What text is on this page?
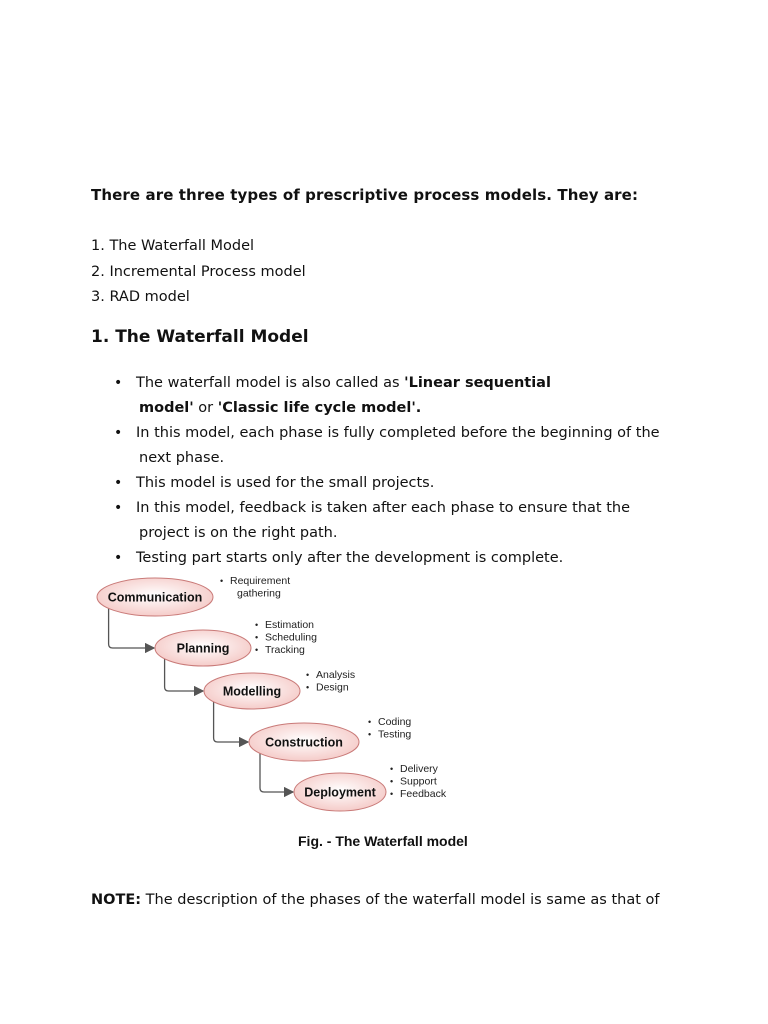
There are three types of prescriptive process models. They are:

1. The Waterfall Model
2. Incremental Process model
3. RAD model
1. The Waterfall Model
• The waterfall model is also called as 'Linear sequential
model' or 'Classic life cycle model'.
• In this model, each phase is fully completed before the beginning of the
next phase.
• This model is used for the small projects.
• In this model, feedback is taken after each phase to ensure that the
project is on the right path.
• Testing part starts only after the development is complete.
Communication
• Requirement
gathering
Planning
• Estimation
• Scheduling
• Tracking
Modelling
• Analysis
• Design
Construction
• Coding
• Testing
Deployment
• Delivery
• Support
• Feedback
Fig. - The Waterfall model

NOTE: The description of the phases of the waterfall model is same as that of
